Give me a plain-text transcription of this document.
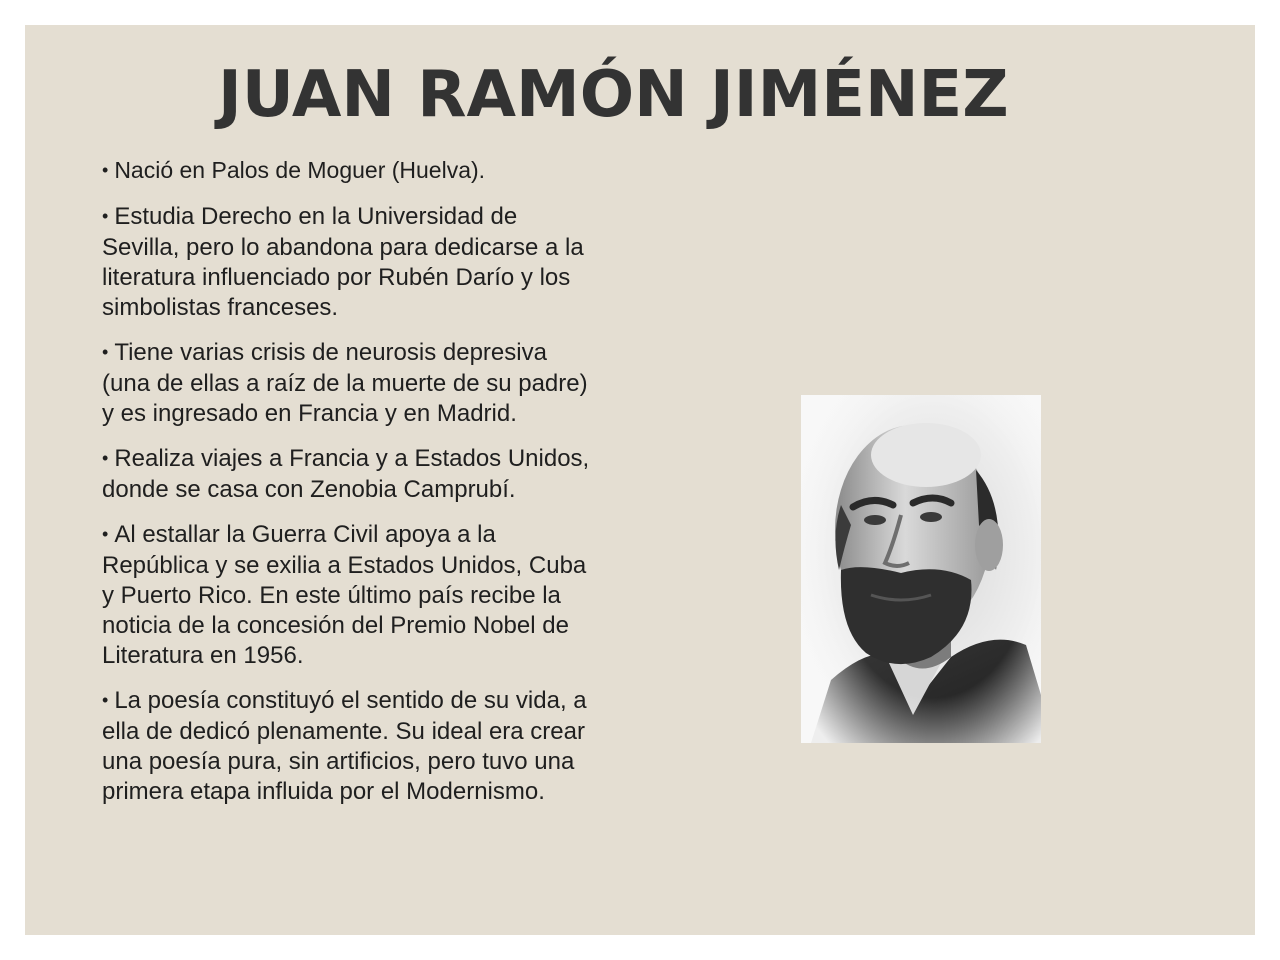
JUAN RAMÓN JIMÉNEZ
• Nació en Palos de Moguer (Huelva).
• Estudia Derecho en la Universidad de Sevilla, pero lo abandona para dedicarse a la literatura influenciado por Rubén Darío y los simbolistas franceses.
• Tiene varias crisis de neurosis depresiva (una de ellas a raíz de la muerte de su padre) y es ingresado en Francia y en Madrid.
• Realiza viajes a Francia y a Estados Unidos, donde se casa con Zenobia Camprubí.
• Al estallar la Guerra Civil apoya a la República y se exilia a Estados Unidos, Cuba y Puerto Rico. En este último país recibe la noticia de la concesión del Premio Nobel de Literatura en 1956.
• La poesía constituyó el sentido de su vida, a ella de dedicó plenamente. Su ideal era crear una poesía pura, sin artificios, pero tuvo una primera etapa influida por el Modernismo.
